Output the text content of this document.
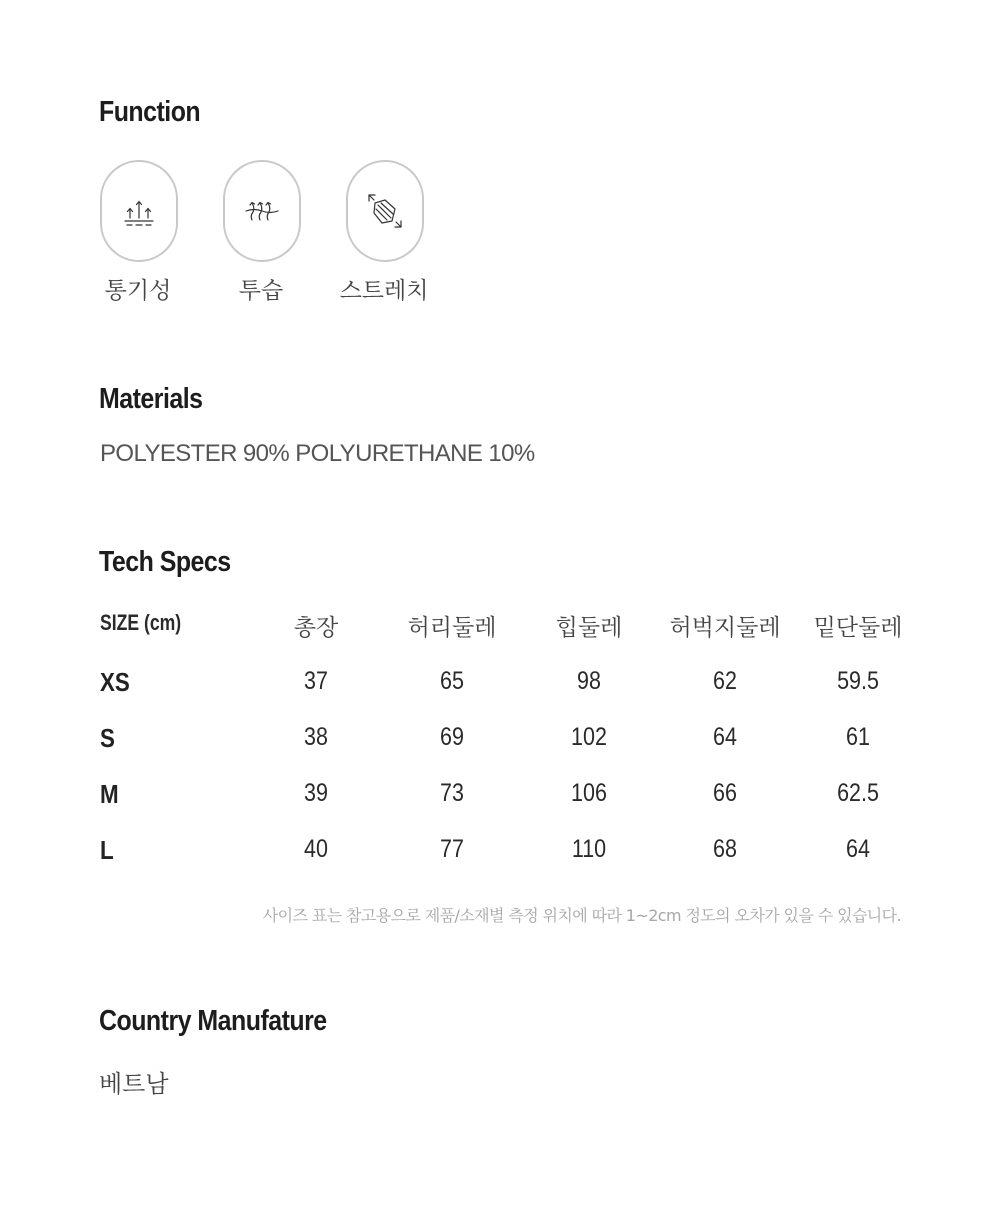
Function
통기성	투습	스트레치
Materials
POLYESTER 90% POLYURETHANE 10%
Tech Specs
SIZE (cm)	총장	허리둘레	힙둘레	허벅지둘레	밑단둘레
XS	37	65	98	62	59.5
S	38	69	102	64	61
M	39	73	106	66	62.5
L	40	77	110	68	64
사이즈 표는 참고용으로 제품/소재별 측정 위치에 따라 1~2cm 정도의 오차가 있을 수 있습니다.
Country Manufature
베트남
